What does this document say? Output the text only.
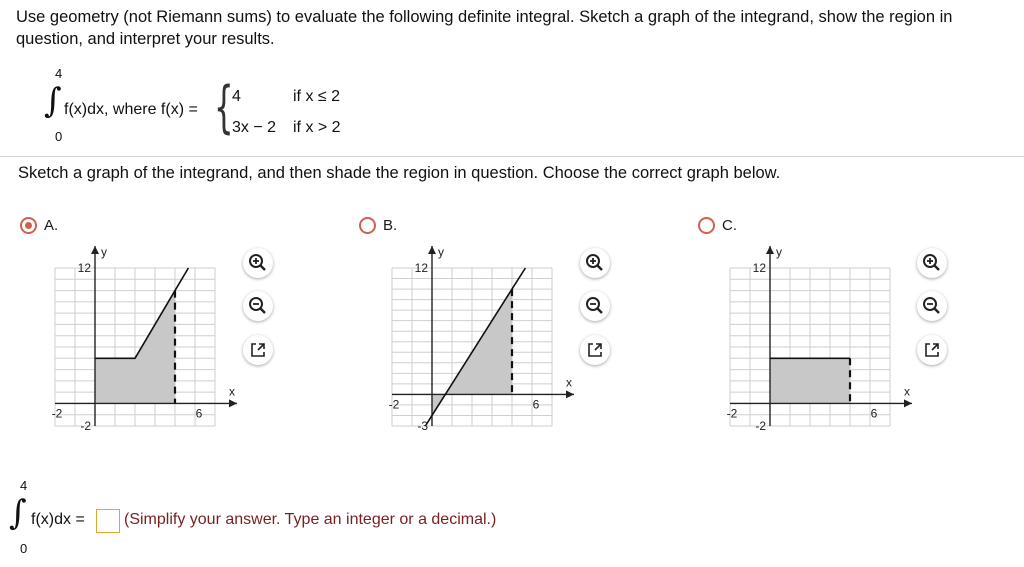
Use geometry (not Riemann sums) to evaluate the following definite integral. Sketch a graph of the integrand, show the region in question, and interpret your results.
4
∫
0
f(x)dx, where f(x) = {
4	if x ≤ 2
3x − 2 if x > 2
Sketch a graph of the integrand, and then shade the region in question. Choose the correct graph below.
A.	B.	C.
y
x
12
-2
-2	6
y
x
12
-3
-2	6
y
x
12
-2
-2	6
4
∫
0
f(x)dx = (Simplify your answer. Type an integer or a decimal.)
